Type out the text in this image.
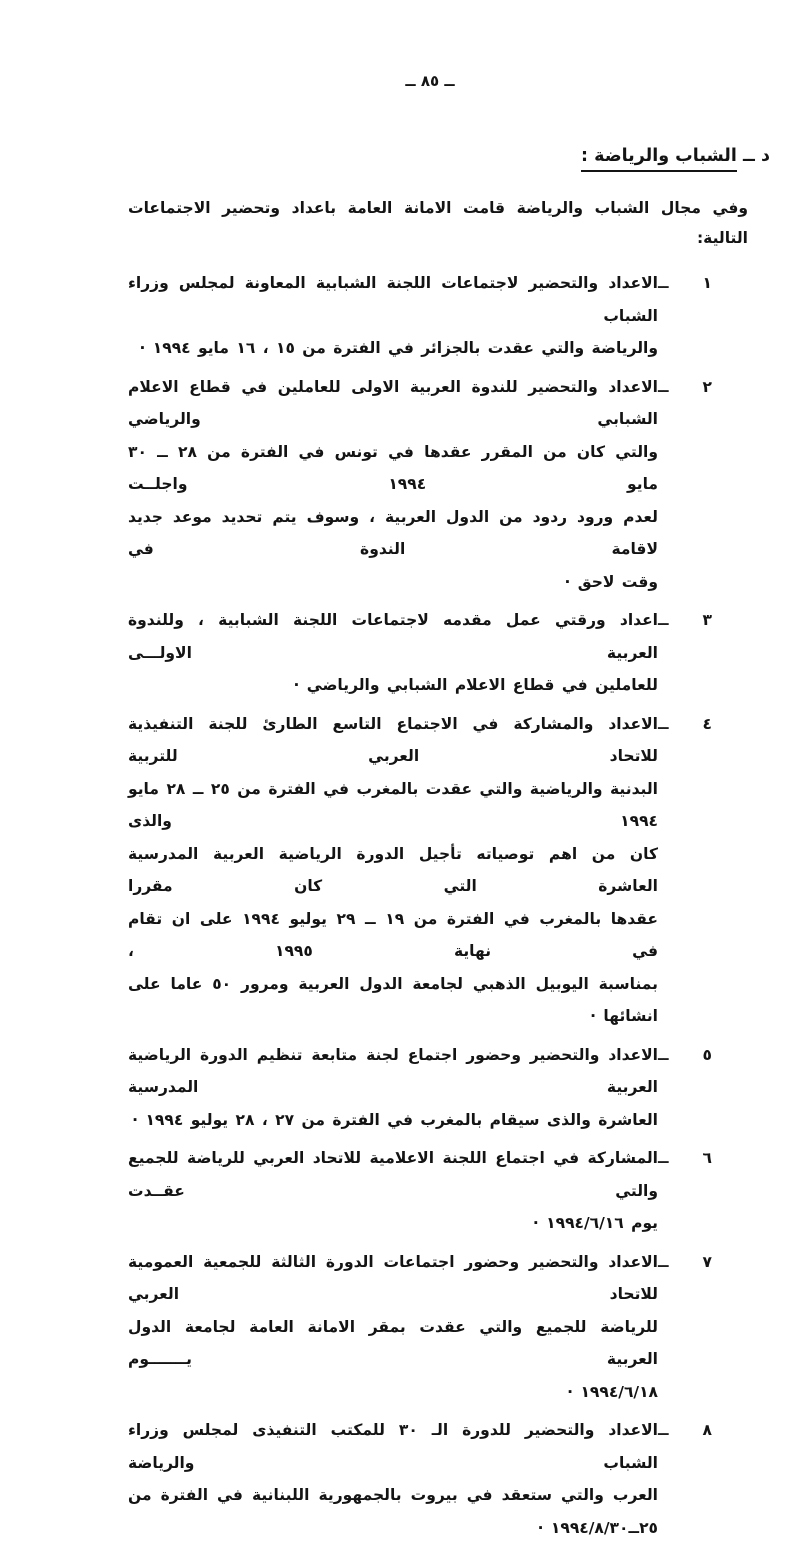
ــ ٨٥ ــ
د ــ الشباب والرياضة :
وفي مجال الشباب والرياضة قامت الامانة العامة باعداد وتحضير الاجتماعات التالية:
١
ــ
الاعداد والتحضير لاجتماعات اللجنة الشبابية المعاونة لمجلس وزراء الشباب
والرياضة والتي عقدت بالجزائر في الفترة من ١٥ ، ١٦ مايو ١٩٩٤ ·
٢
ــ
الاعداد والتحضير للندوة العربية الاولى للعاملين في قطاع الاعلام الشبابي والرياضي
والتي كان من المقرر عقدها في تونس في الفترة من ٢٨ ــ ٣٠ مايو ١٩٩٤ واجلــت
لعدم ورود ردود من الدول العربية ، وسوف يتم تحديد موعد جديد لاقامة الندوة في
وقت لاحق ·
٣
ــ
اعداد ورقتي عمل مقدمه لاجتماعات اللجنة الشبابية ، وللندوة العربية الاولـــى
للعاملين في قطاع الاعلام الشبابي والرياضي ·
٤
ــ
الاعداد والمشاركة في الاجتماع التاسع الطارئ للجنة التنفيذية للاتحاد العربي للتربية
البدنية والرياضية والتي عقدت بالمغرب في الفترة من ٢٥ ــ ٢٨ مايو ١٩٩٤ والذى
كان من اهم توصياته تأجيل الدورة الرياضية العربية المدرسية العاشرة التي كان مقررا
عقدها بالمغرب في الفترة من ١٩ ــ ٢٩ يوليو ١٩٩٤ على ان تقام في نهاية ١٩٩٥ ،
بمناسبة اليوبيل الذهبي لجامعة الدول العربية ومرور ٥٠ عاما على انشائها ·
٥
ــ
الاعداد والتحضير وحضور اجتماع لجنة متابعة تنظيم الدورة الرياضية العربية المدرسية
العاشرة والذى سيقام بالمغرب في الفترة من ٢٧ ، ٢٨ يوليو ١٩٩٤ ·
٦
ــ
المشاركة في اجتماع اللجنة الاعلامية للاتحاد العربي للرياضة للجميع والتي عقــدت
يوم ١٩٩٤/٦/١٦ ·
٧
ــ
الاعداد والتحضير وحضور اجتماعات الدورة الثالثة للجمعية العمومية للاتحاد العربي
للرياضة للجميع والتي عقدت بمقر الامانة العامة لجامعة الدول العربية يـــــــوم
١٩٩٤/٦/١٨ ·
٨
ــ
الاعداد والتحضير للدورة الـ ٣٠ للمكتب التنفيذى لمجلس وزراء الشباب والرياضة
العرب والتي ستعقد في بيروت بالجمهورية اللبنانية في الفترة من ٢٥ــ١٩٩٤/٨/٣٠ ·
